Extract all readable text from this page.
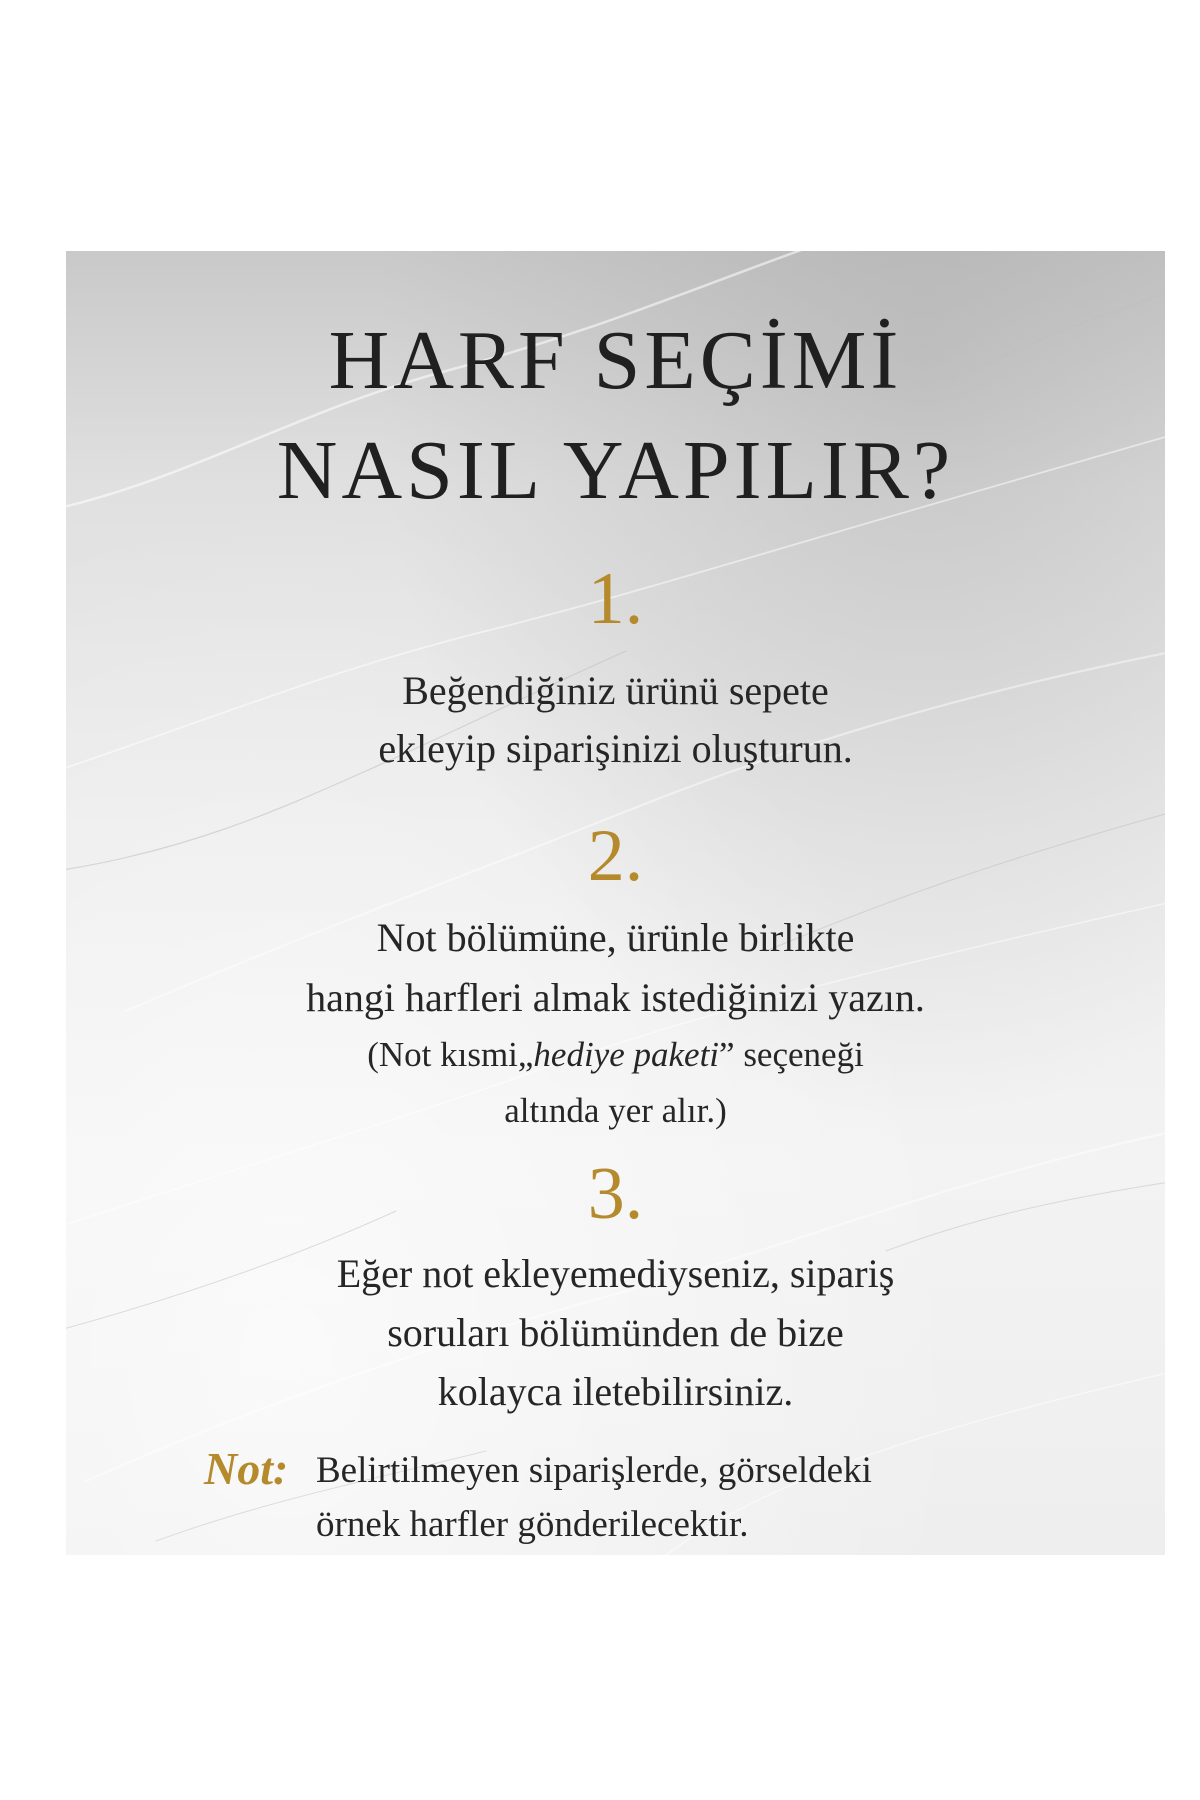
HARF SEÇİMİ
NASIL YAPILIR?
1.
Beğendiğiniz ürünü sepete
ekleyip siparişinizi oluşturun.
2.
Not bölümüne, ürünle birlikte
hangi harfleri almak istediğinizi yazın.
(Not kısmi„hediye paketi” seçeneği
altında yer alır.)
3.
Eğer not ekleyemediyseniz, sipariş
soruları bölümünden de bize
kolayca iletebilirsiniz.
Not: Belirtilmeyen siparişlerde, görseldeki
örnek harfler gönderilecektir.
